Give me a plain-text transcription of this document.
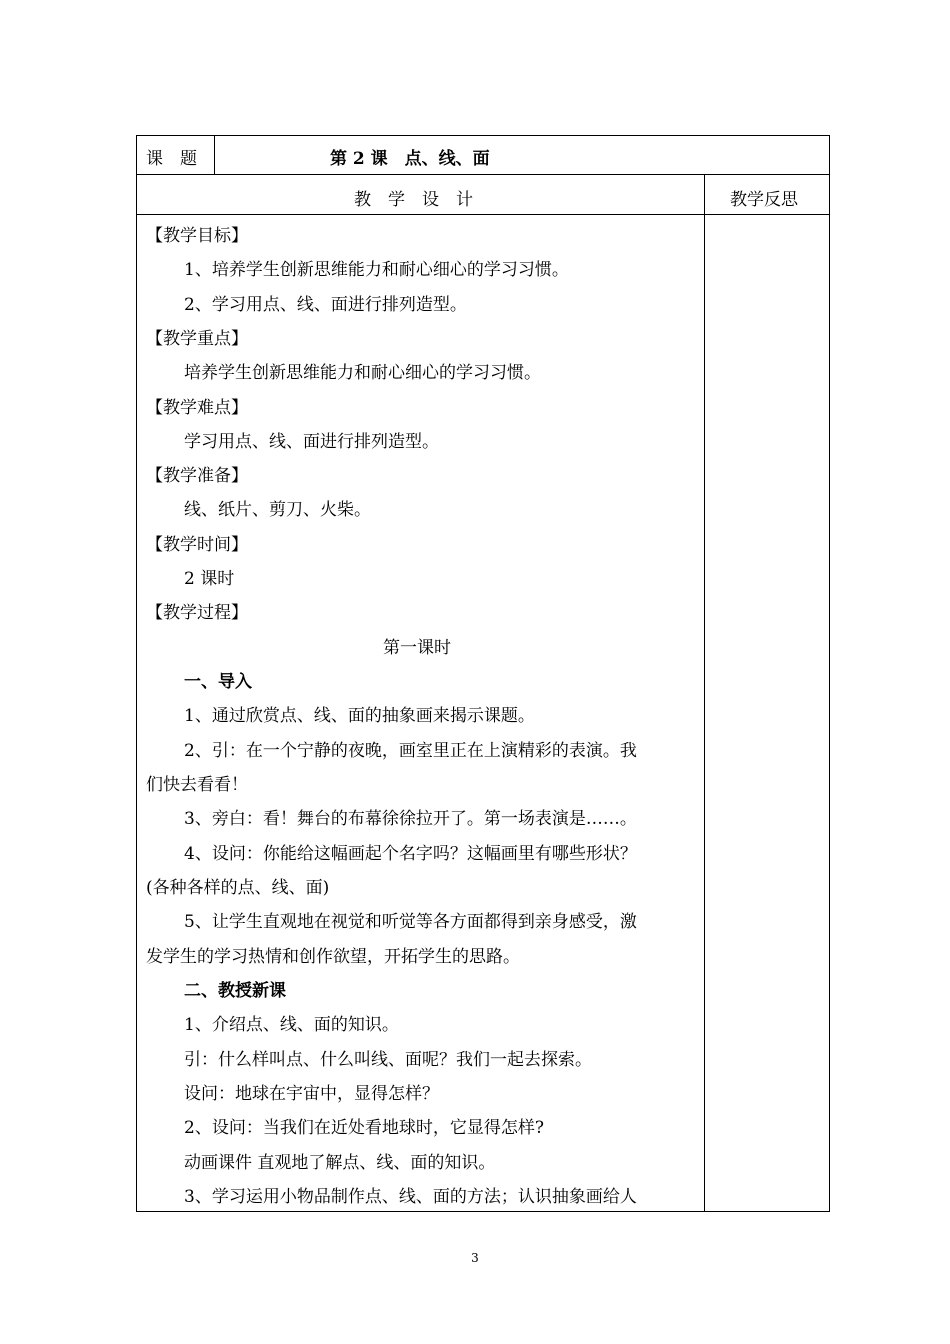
课　题	第 2 课　点、线、面
教　学　设　计	教学反思
【教学目标】
1、培养学生创新思维能力和耐心细心的学习习惯。
2、学习用点、线、面进行排列造型。
【教学重点】
培养学生创新思维能力和耐心细心的学习习惯。
【教学难点】
学习用点、线、面进行排列造型。
【教学准备】
线、纸片、剪刀、火柴。
【教学时间】
2 课时
【教学过程】
第一课时
一、导入
1、通过欣赏点、线、面的抽象画来揭示课题。
2、引：在一个宁静的夜晚，画室里正在上演精彩的表演。我
们快去看看！
3、旁白：看！舞台的布幕徐徐拉开了。第一场表演是……。
4、设问：你能给这幅画起个名字吗？这幅画里有哪些形状？
(各种各样的点、线、面)
5、让学生直观地在视觉和听觉等各方面都得到亲身感受，激
发学生的学习热情和创作欲望，开拓学生的思路。
二、教授新课
1、介绍点、线、面的知识。
引：什么样叫点、什么叫线、面呢？我们一起去探索。
设问：地球在宇宙中，显得怎样？
2、设问：当我们在近处看地球时，它显得怎样?
动画课件 直观地了解点、线、面的知识。
3、学习运用小物品制作点、线、面的方法；认识抽象画给人
3
